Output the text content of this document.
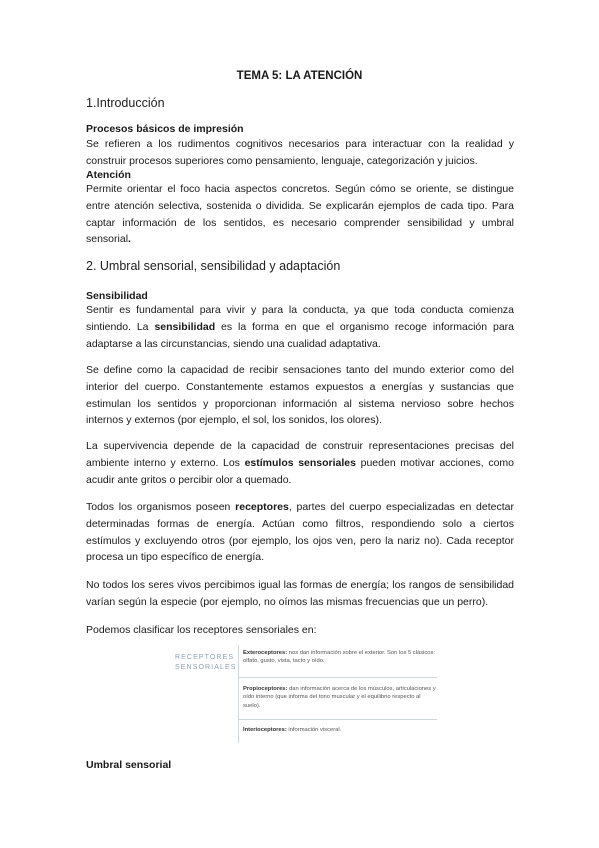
TEMA 5: LA ATENCIÓN
1.Introducción
Procesos básicos de impresión
Se refieren a los rudimentos cognitivos necesarios para interactuar con la realidad y construir procesos superiores como pensamiento, lenguaje, categorización y juicios.
Atención
Permite orientar el foco hacia aspectos concretos. Según cómo se oriente, se distingue entre atención selectiva, sostenida o dividida. Se explicarán ejemplos de cada tipo. Para captar información de los sentidos, es necesario comprender sensibilidad y umbral sensorial.
2. Umbral sensorial, sensibilidad y adaptación
Sensibilidad
Sentir es fundamental para vivir y para la conducta, ya que toda conducta comienza sintiendo. La sensibilidad es la forma en que el organismo recoge información para adaptarse a las circunstancias, siendo una cualidad adaptativa.
Se define como la capacidad de recibir sensaciones tanto del mundo exterior como del interior del cuerpo. Constantemente estamos expuestos a energías y sustancias que estimulan los sentidos y proporcionan información al sistema nervioso sobre hechos internos y externos (por ejemplo, el sol, los sonidos, los olores).
La supervivencia depende de la capacidad de construir representaciones precisas del ambiente interno y externo. Los estímulos sensoriales pueden motivar acciones, como acudir ante gritos o percibir olor a quemado.
Todos los organismos poseen receptores, partes del cuerpo especializadas en detectar determinadas formas de energía. Actúan como filtros, respondiendo solo a ciertos estímulos y excluyendo otros (por ejemplo, los ojos ven, pero la nariz no). Cada receptor procesa un tipo específico de energía.
No todos los seres vivos percibimos igual las formas de energía; los rangos de sensibilidad varían según la especie (por ejemplo, no oímos las mismas frecuencias que un perro).
Podemos clasificar los receptores sensoriales en:
RECEPTORES
SENSORIALES
Exteroceptores: nos dan información sobre el exterior. Son los 5 clásicos: olfato, gusto, vista, tacto y oído.
Propioceptores: dan información acerca de los músculos, articulaciones y oído interno (que informa del tono muscular y el equilibrio respecto al suelo).
Interioceptores: información visceral.
Umbral sensorial
